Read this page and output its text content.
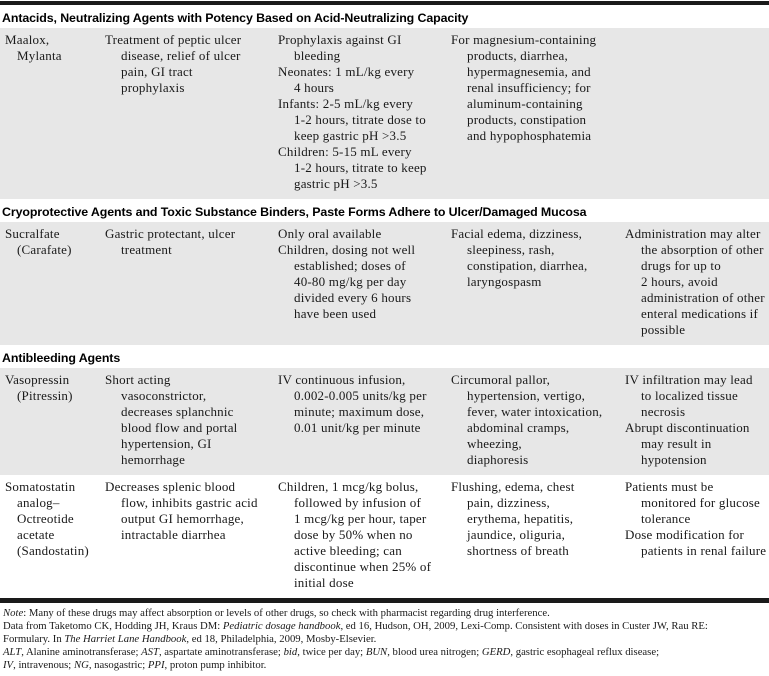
Antacids, Neutralizing Agents with Potency Based on Acid-Neutralizing Capacity
Maalox,
Mylanta
Treatment of peptic ulcer
disease, relief of ulcer
pain, GI tract
prophylaxis
Prophylaxis against GI
bleeding
Neonates: 1 mL/kg every
4 hours
Infants: 2-5 mL/kg every
1-2 hours, titrate dose to
keep gastric pH >3.5
Children: 5-15 mL every
1-2 hours, titrate to keep
gastric pH >3.5
For magnesium-containing
products, diarrhea,
hypermagnesemia, and
renal insufficiency; for
aluminum-containing
products, constipation
and hypophosphatemia
Cryoprotective Agents and Toxic Substance Binders, Paste Forms Adhere to Ulcer/Damaged Mucosa
Sucralfate
(Carafate)
Gastric protectant, ulcer
treatment
Only oral available
Children, dosing not well
established; doses of
40-80 mg/kg per day
divided every 6 hours
have been used
Facial edema, dizziness,
sleepiness, rash,
constipation, diarrhea,
laryngospasm
Administration may alter
the absorption of other
drugs for up to
2 hours, avoid
administration of other
enteral medications if
possible
Antibleeding Agents
Vasopressin
(Pitressin)
Short acting
vasoconstrictor,
decreases splanchnic
blood flow and portal
hypertension, GI
hemorrhage
IV continuous infusion,
0.002-0.005 units/kg per
minute; maximum dose,
0.01 unit/kg per minute
Circumoral pallor,
hypertension, vertigo,
fever, water intoxication,
abdominal cramps,
wheezing,
diaphoresis
IV infiltration may lead
to localized tissue
necrosis
Abrupt discontinuation
may result in
hypotension
Somatostatin
analog–
Octreotide
acetate
(Sandostatin)
Decreases splenic blood
flow, inhibits gastric acid
output GI hemorrhage,
intractable diarrhea
Children, 1 mcg/kg bolus,
followed by infusion of
1 mcg/kg per hour, taper
dose by 50% when no
active bleeding; can
discontinue when 25% of
initial dose
Flushing, edema, chest
pain, dizziness,
erythema, hepatitis,
jaundice, oliguria,
shortness of breath
Patients must be
monitored for glucose
tolerance
Dose modification for
patients in renal failure
Note: Many of these drugs may affect absorption or levels of other drugs, so check with pharmacist regarding drug interference.
Data from Taketomo CK, Hodding JH, Kraus DM: Pediatric dosage handbook, ed 16, Hudson, OH, 2009, Lexi-Comp. Consistent with doses in Custer JW, Rau RE:
Formulary. In The Harriet Lane Handbook, ed 18, Philadelphia, 2009, Mosby-Elsevier.
ALT, Alanine aminotransferase; AST, aspartate aminotransferase; bid, twice per day; BUN, blood urea nitrogen; GERD, gastric esophageal reflux disease;
IV, intravenous; NG, nasogastric; PPI, proton pump inhibitor.
